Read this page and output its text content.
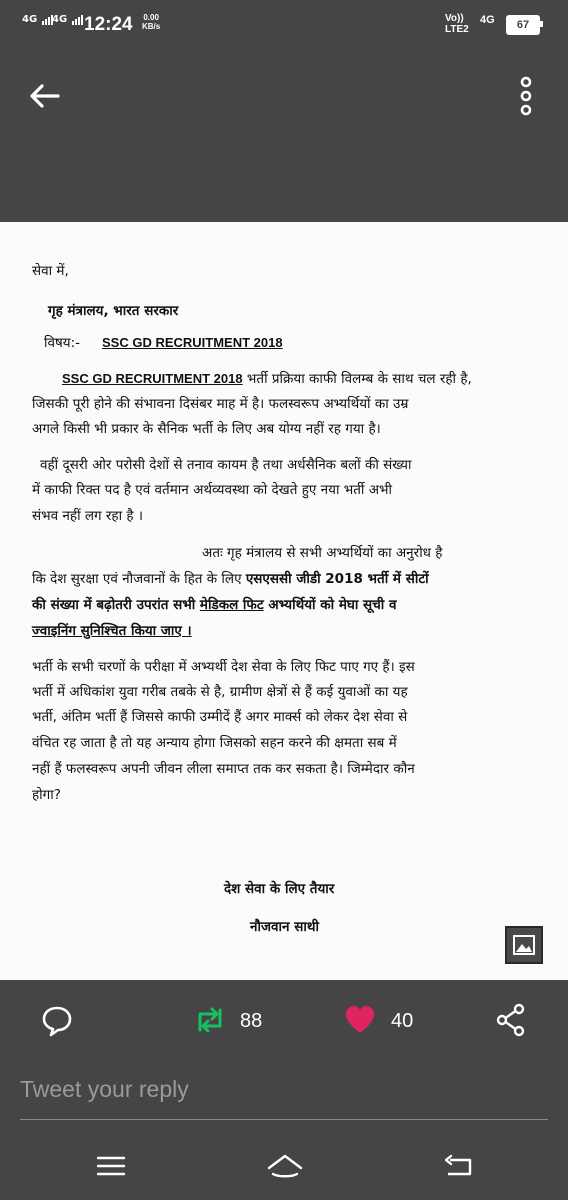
4G	4G 12:24 0.00
KB/s
Vo))
LTE2
4G	67
सेवा में,
गृह मंत्रालय, भारत सरकार
विषय:- SSC GD RECRUITMENT 2018
SSC GD RECRUITMENT 2018 भर्ती प्रक्रिया काफी विलम्ब के साथ चल रही है,
जिसकी पूरी होने की संभावना दिसंबर माह में है। फलस्वरूप अभ्यर्थियों का उम्र
अगले किसी भी प्रकार के सैनिक भर्ती के लिए अब योग्य नहीं रह गया है।
वहीं दूसरी ओर परोसी देशों से तनाव कायम है तथा अर्धसैनिक बलों की संख्या
में काफी रिक्त पद है एवं वर्तमान अर्थव्यवस्था को देखते हुए नया भर्ती अभी
संभव नहीं लग रहा है ।
अतः गृह मंत्रालय से सभी अभ्यर्थियों का अनुरोध है
कि देश सुरक्षा एवं नौजवानों के हित के लिए एसएससी जीडी 2018 भर्ती में सीटों
की संख्या में बढ़ोतरी उपरांत सभी मेडिकल फिट अभ्यर्थियों को मेघा सूची व
ज्वाइनिंग सुनिश्चित किया जाए ।
भर्ती के सभी चरणों के परीक्षा में अभ्यर्थी देश सेवा के लिए फिट पाए गए हैं। इस
भर्ती में अधिकांश युवा गरीब तबके से है, ग्रामीण क्षेत्रों से हैं कई युवाओं का यह
भर्ती, अंतिम भर्ती हैं जिससे काफी उम्मीदें हैं अगर मार्क्स को लेकर देश सेवा से
वंचित रह जाता है तो यह अन्याय होगा जिसको सहन करने की क्षमता सब में
नहीं हैं फलस्वरूप अपनी जीवन लीला समाप्त तक कर सकता है। जिम्मेदार कौन
होगा?
देश सेवा के लिए तैयार
नौजवान साथी
88	40
Tweet your reply
